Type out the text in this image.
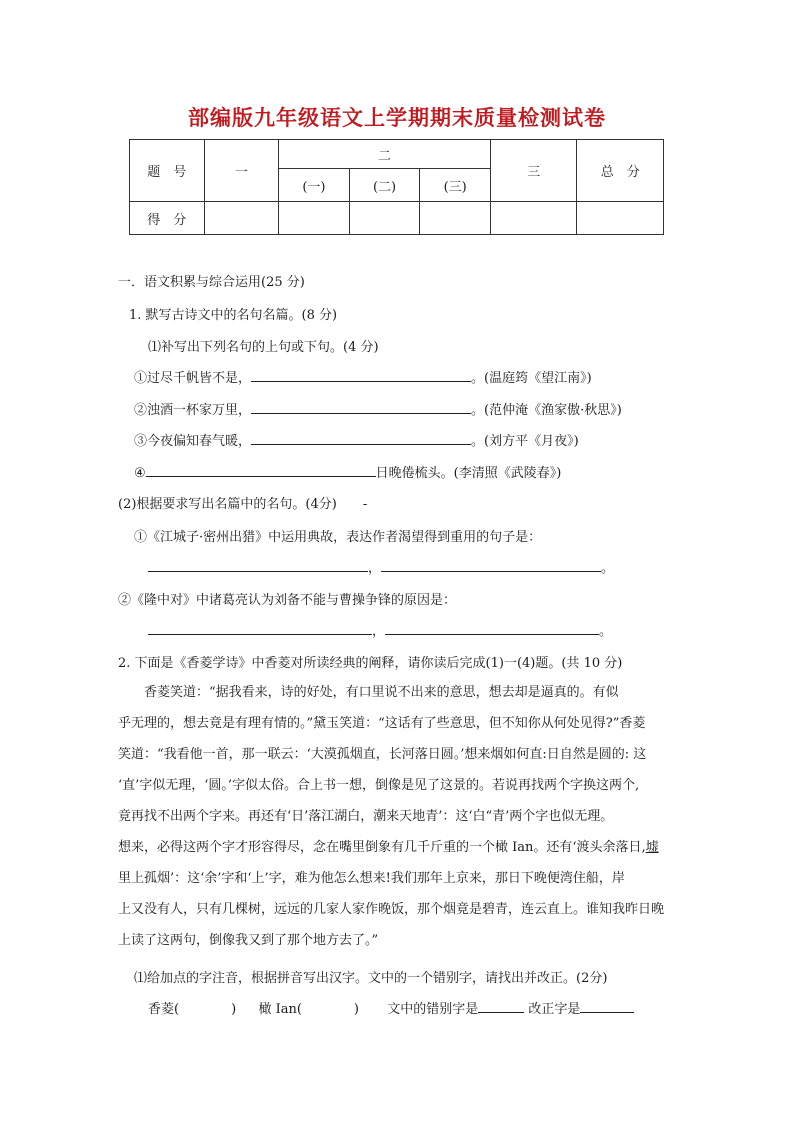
部编版九年级语文上学期期末质量检测试卷
题　号	一	二			三	总　分
		(一)	(二)	(三)		
得　分						
一．语文积累与综合运用(25 分)
1. 默写古诗文中的名句名篇。(8 分)
⑴补写出下列名句的上句或下句。(4 分)
①过尽千帆皆不是，	。(温庭筠《望江南》)
②浊酒一杯家万里，	。(范仲淹《渔家傲·秋思》)
③今夜偏知春气暖，	。(刘方平《月夜》)
④	日晚倦梳头。(李清照《武陵春》)
(2)根据要求写出名篇中的名句。(4分)　　-
①《江城子·密州出猎》中运用典故，表达作者渴望得到重用的句子是：
，	。
②《隆中对》中诸葛亮认为刘备不能与曹操争锋的原因是：
，	。
2. 下面是《香菱学诗》中香菱对所读经典的阐释，请你读后完成(1)一(4)题。(共 10 分)
　　香菱笑道：“据我看来，诗的好处，有口里说不出来的意思，想去却是逼真的。有似
乎无理的，想去竟是有理有情的。”黛玉笑道：“这话有了些意思，但不知你从何处见得?”香菱
笑道：“我看他一首，那一联云：‘大漠孤烟直，长河落日圆。’想来烟如何直:日自然是圆的: 这
‘直’字似无理，‘圆。’字似太俗。合上书一想，倒像是见了这景的。若说再找两个字换这两个,
竟再找不出两个字来。再还有‘日’落江湖白，潮来天地青’：这‘白“青’两个字也似无理。
想来，必得这两个字才形容得尽，念在嘴里倒象有几千斤重的一个橄 Ian。还有‘渡头余落日,墟
里上孤烟’：这‘余’字和‘上’字，难为他怎么想来!我们那年上京来，那日下晚便湾住船，岸
上又没有人，只有几棵树，远远的几家人家作晚饭，那个烟竟是碧青，连云直上。谁知我昨日晚
上读了这两句，倒像我又到了那个地方去了。”
⑴给加点的字注音，根据拼音写出汉字。文中的一个错别字，请找出并改正。(2分)
香菱(　　　　) 橄 Ian(　　　　) 文中的错别字是	改正字是
